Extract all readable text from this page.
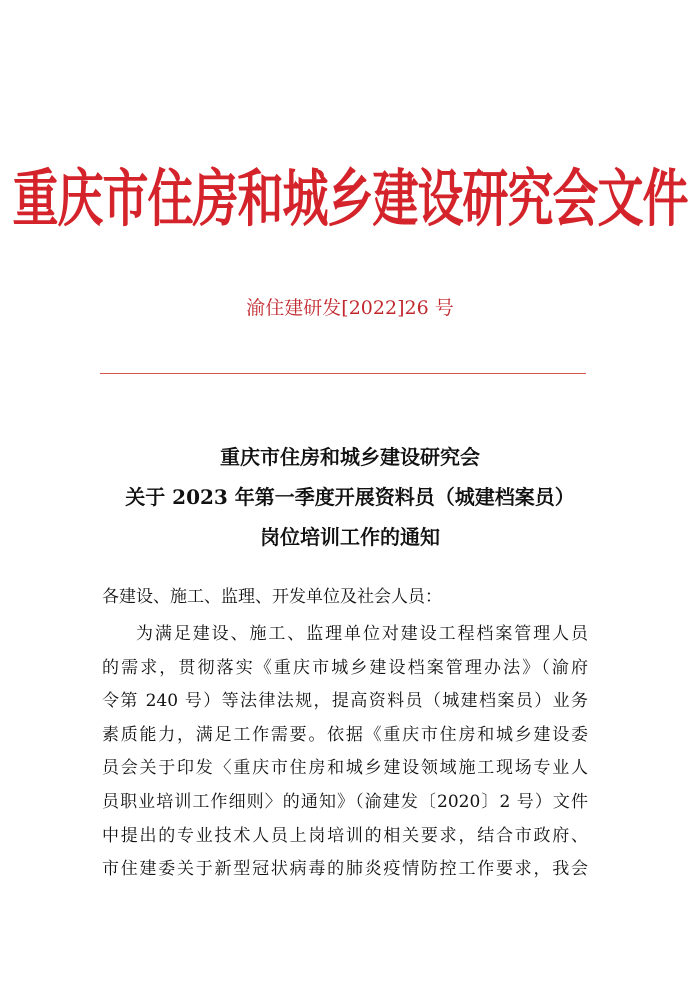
重庆市住房和城乡建设研究会文件
渝住建研发[2022]26 号
重庆市住房和城乡建设研究会
关于 2023 年第一季度开展资料员（城建档案员）
岗位培训工作的通知
各建设、施工、监理、开发单位及社会人员：
为满足建设、施工、监理单位对建设工程档案管理人员
的需求，贯彻落实《重庆市城乡建设档案管理办法》（渝府
令第 240 号）等法律法规，提高资料员（城建档案员）业务
素质能力，满足工作需要。依据《重庆市住房和城乡建设委
员会关于印发〈重庆市住房和城乡建设领域施工现场专业人
员职业培训工作细则〉的通知》（渝建发〔2020〕2 号）文件
中提出的专业技术人员上岗培训的相关要求，结合市政府、
市住建委关于新型冠状病毒的肺炎疫情防控工作要求，我会
